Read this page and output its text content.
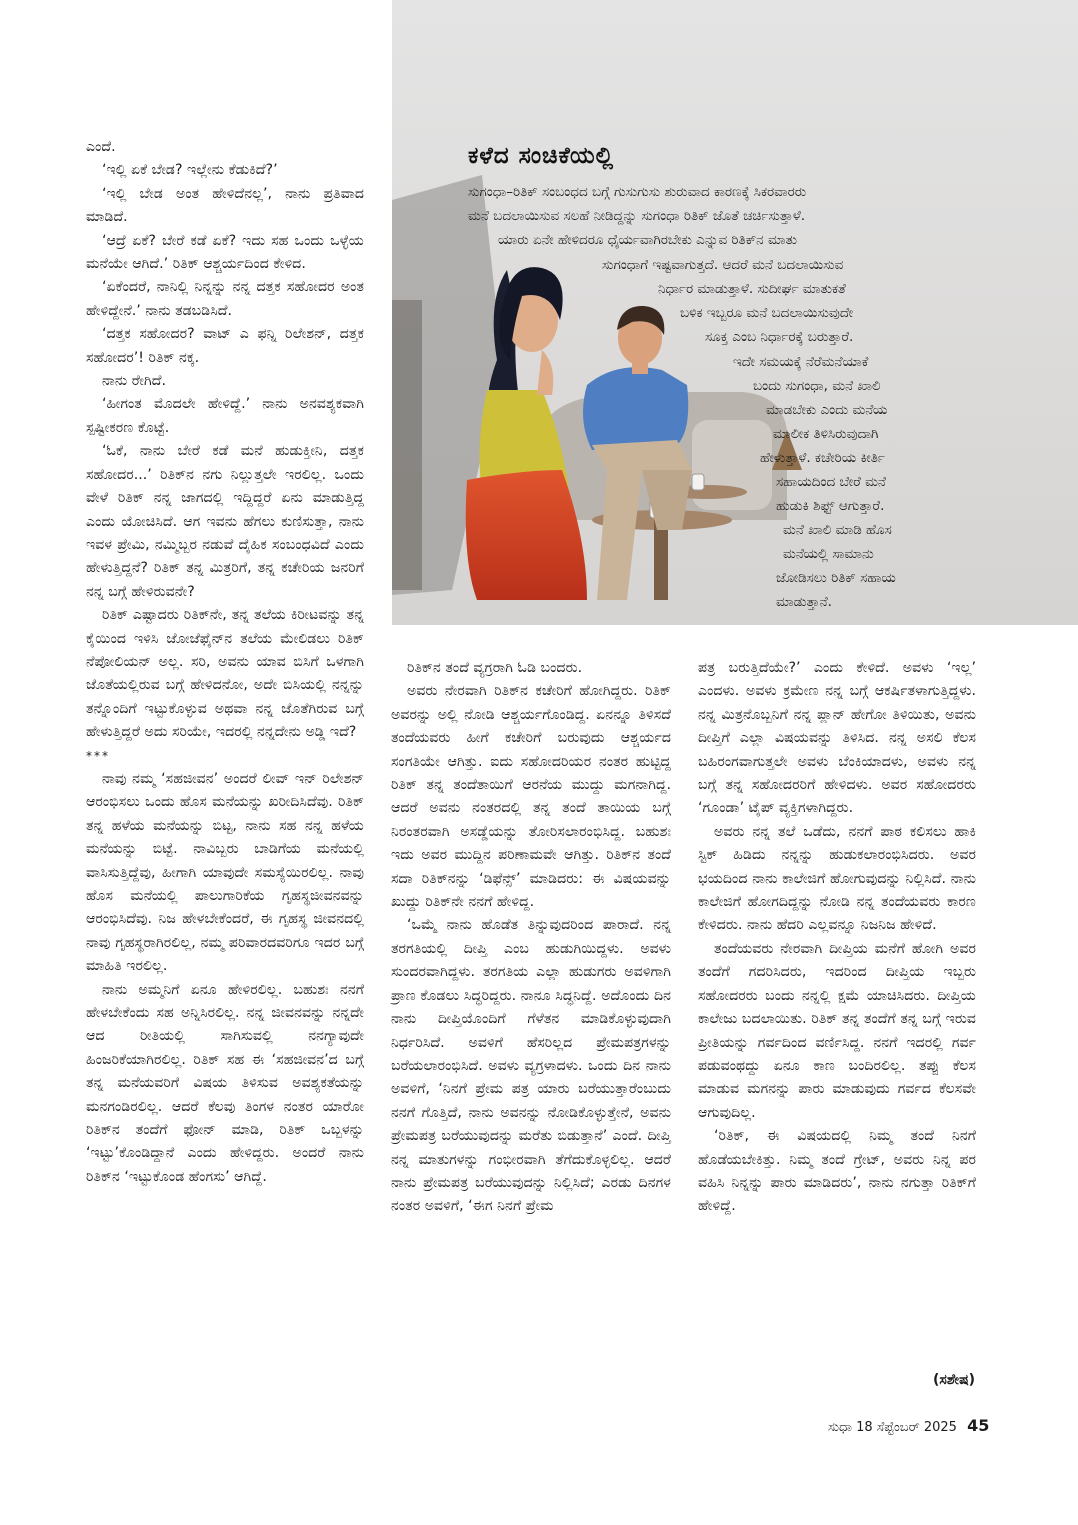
ಕಳೆದ ಸಂಚಿಕೆಯಲ್ಲಿ
ಸುಗಂಧಾ–ರಿತಿಕ್ ಸಂಬಂಧದ ಬಗ್ಗೆ ಗುಸುಗುಸು ಶುರುವಾದ ಕಾರಣಕ್ಕೆ ಸಿಕರವಾರರು
ಮನೆ ಬದಲಾಯಿಸುವ ಸಲಹೆ ನೀಡಿದ್ದನ್ನು ಸುಗಂಧಾ ರಿತಿಕ್ ಜೊತೆ ಚರ್ಚಿಸುತ್ತಾಳೆ.
ಯಾರು ಏನೇ ಹೇಳಿದರೂ ಧೈರ್ಯವಾಗಿರಬೇಕು ಎನ್ನುವ ರಿತಿಕ್‌ನ ಮಾತು
ಸುಗಂಧಾಗೆ ಇಷ್ಟವಾಗುತ್ತದೆ. ಆದರೆ ಮನೆ ಬದಲಾಯಿಸುವ
ನಿರ್ಧಾರ ಮಾಡುತ್ತಾಳೆ. ಸುದೀರ್ಘ ಮಾತುಕತೆ
ಬಳಿಕ ಇಬ್ಬರೂ ಮನೆ ಬದಲಾಯಿಸುವುದೇ
ಸೂಕ್ತ ಎಂಬ ನಿರ್ಧಾರಕ್ಕೆ ಬರುತ್ತಾರೆ.
ಇದೇ ಸಮಯಕ್ಕೆ ನೆರೆಮನೆಯಾಕೆ
ಬಂದು ಸುಗಂಧಾ, ಮನೆ ಖಾಲಿ
ಮಾಡಬೇಕು ಎಂದು ಮನೆಯ
ಮಾಲೀಕ ತಿಳಿಸಿರುವುದಾಗಿ
ಹೇಳುತ್ತಾಳೆ. ಕಚೇರಿಯ ಕೀರ್ತಿ
ಸಹಾಯದಿಂದ ಬೇರೆ ಮನೆ
ಹುಡುಕಿ ಶಿಫ್ಟ್ ಆಗುತ್ತಾರೆ.
ಮನೆ ಖಾಲಿ ಮಾಡಿ ಹೊಸ
ಮನೆಯಲ್ಲಿ ಸಾಮಾನು
ಜೋಡಿಸಲು ರಿತಿಕ್ ಸಹಾಯ
ಮಾಡುತ್ತಾನೆ.

ಎಂದೆ.

‘ಇಲ್ಲಿ ಏಕೆ ಬೇಡ? ಇಲ್ಲೇನು ಕೆಡುಕಿದೆ?’

‘ಇಲ್ಲಿ ಬೇಡ ಅಂತ ಹೇಳಿದೆನಲ್ಲ’, ನಾನು ಪ್ರತಿವಾದ ಮಾಡಿದೆ.

‘ಆದ್ರೆ ಏಕೆ? ಬೇರೆ ಕಡೆ ಏಕೆ? ಇದು ಸಹ ಒಂದು ಒಳ್ಳೆಯ ಮನೆಯೇ ಆಗಿದೆ.’ ರಿತಿಕ್ ಆಶ್ಚರ್ಯದಿಂದ ಕೇಳಿದ.

‘ಏಕೆಂದರೆ, ನಾನಿಲ್ಲಿ ನಿನ್ನನ್ನು ನನ್ನ ದತ್ತಕ ಸಹೋದರ ಅಂತ ಹೇಳಿದ್ದೇನೆ.’ ನಾನು ತಡಬಡಿಸಿದೆ.

‘ದತ್ತಕ ಸಹೋದರ? ವಾಟ್ ಎ ಫನ್ನಿ ರಿಲೇಶನ್, ದತ್ತಕ ಸಹೋದರ’! ರಿತಿಕ್ ನಕ್ಕ.

ನಾನು ರೇಗಿದೆ.

‘ಹೀಗಂತ ಮೊದಲೇ ಹೇಳಿದ್ದೆ.’ ನಾನು ಅನವಶ್ಯಕವಾಗಿ ಸ್ಪಷ್ಟೀಕರಣ ಕೊಟ್ಟೆ.

‘ಓಕೆ, ನಾನು ಬೇರೆ ಕಡೆ ಮನೆ ಹುಡುಕ್ತೀನಿ, ದತ್ತಕ ಸಹೋದರ...’ ರಿತಿಕ್‌ನ ನಗು ನಿಲ್ಲುತ್ತಲೇ ಇರಲಿಲ್ಲ. ಒಂದು ವೇಳೆ ರಿತಿಕ್ ನನ್ನ ಜಾಗದಲ್ಲಿ ಇದ್ದಿದ್ದರೆ ಏನು ಮಾಡುತ್ತಿದ್ದ ಎಂದು ಯೋಚಿಸಿದೆ. ಆಗ ಇವನು ಹೆಗಲು ಕುಣಿಸುತ್ತಾ, ನಾನು ಇವಳ ಪ್ರೇಮಿ, ನಮ್ಮಿಬ್ಬರ ನಡುವೆ ದೈಹಿಕ ಸಂಬಂಧವಿದೆ ಎಂದು ಹೇಳುತ್ತಿದ್ದನೆ? ರಿತಿಕ್ ತನ್ನ ಮಿತ್ರರಿಗೆ, ತನ್ನ ಕಚೇರಿಯ ಜನರಿಗೆ ನನ್ನ ಬಗ್ಗೆ ಹೇಳಿರುವನೇ?

ರಿತಿಕ್ ಎಷ್ಟಾದರು ರಿತಿಕ್‌ನೇ, ತನ್ನ ತಲೆಯ ಕಿರೀಟವನ್ನು ತನ್ನ ಕೈಯಿಂದ ಇಳಿಸಿ ಜೋಜೆಫೈನ್‌ನ ತಲೆಯ ಮೇಲಿಡಲು ರಿತಿಕ್ ನೆಪೋಲಿಯನ್ ಅಲ್ಲ. ಸರಿ, ಅವನು ಯಾವ ಬಿಸಿಗೆ ಒಳಗಾಗಿ ಜೊತೆಯಲ್ಲಿರುವ ಬಗ್ಗೆ ಹೇಳಿದನೋ, ಅದೇ ಬಿಸಿಯಲ್ಲಿ ನನ್ನನ್ನು ತನ್ನೊಂದಿಗೆ ಇಟ್ಟುಕೊಳ್ಳುವ ಅಥವಾ ನನ್ನ ಜೊತೆಗಿರುವ ಬಗ್ಗೆ ಹೇಳುತ್ತಿದ್ದರೆ ಅದು ಸರಿಯೇ, ಇದರಲ್ಲಿ ನನ್ನದೇನು ಅಡ್ಡಿ ಇದೆ?

***

ನಾವು ನಮ್ಮ ‘ಸಹಜೀವನ’ ಅಂದರೆ ಲೀವ್ ಇನ್ ರಿಲೇಶನ್ ಆರಂಭಿಸಲು ಒಂದು ಹೊಸ ಮನೆಯನ್ನು ಖರೀದಿಸಿದೆವು. ರಿತಿಕ್ ತನ್ನ ಹಳೆಯ ಮನೆಯನ್ನು ಬಿಟ್ಟ, ನಾನು ಸಹ ನನ್ನ ಹಳೆಯ ಮನೆಯನ್ನು ಬಿಟ್ಟೆ. ನಾವಿಬ್ಬರು ಬಾಡಿಗೆಯ ಮನೆಯಲ್ಲಿ ವಾಸಿಸುತ್ತಿದ್ದೆವು, ಹೀಗಾಗಿ ಯಾವುದೇ ಸಮಸ್ಯೆಯಿರಲಿಲ್ಲ. ನಾವು ಹೊಸ ಮನೆಯಲ್ಲಿ ಪಾಲುಗಾರಿಕೆಯ ಗೃಹಸ್ಥಜೀವನವನ್ನು ಆರಂಭಿಸಿದೆವು. ನಿಜ ಹೇಳಬೇಕೆಂದರೆ, ಈ ಗೃಹಸ್ಥ ಜೀವನದಲ್ಲಿ ನಾವು ಗೃಹಸ್ಥರಾಗಿರಲಿಲ್ಲ, ನಮ್ಮ ಪರಿವಾರದವರಿಗೂ ಇದರ ಬಗ್ಗೆ ಮಾಹಿತಿ ಇರಲಿಲ್ಲ.

ನಾನು ಅಮ್ಮನಿಗೆ ಏನೂ ಹೇಳಿರಲಿಲ್ಲ. ಬಹುಶಃ ನನಗೆ ಹೇಳಬೇಕೆಂದು ಸಹ ಅನ್ನಿಸಿರಲಿಲ್ಲ. ನನ್ನ ಜೀವನವನ್ನು ನನ್ನದೇ ಆದ ರೀತಿಯಲ್ಲಿ ಸಾಗಿಸುವಲ್ಲಿ ನನಗ್ಯಾವುದೇ ಹಿಂಜರಿಕೆಯಾಗಿರಲಿಲ್ಲ. ರಿತಿಕ್ ಸಹ ಈ ‘ಸಹಜೀವನ’ದ ಬಗ್ಗೆ ತನ್ನ ಮನೆಯವರಿಗೆ ವಿಷಯ ತಿಳಿಸುವ ಅವಶ್ಯಕತೆಯನ್ನು ಮನಗಂಡಿರಲಿಲ್ಲ. ಆದರೆ ಕೆಲವು ತಿಂಗಳ ನಂತರ ಯಾರೋ ರಿತಿಕ್‌ನ ತಂದೆಗೆ ಫೋನ್ ಮಾಡಿ, ರಿತಿಕ್ ಒಬ್ಬಳನ್ನು ‘ಇಟ್ಟು’ಕೊಂಡಿದ್ದಾನೆ ಎಂದು ಹೇಳಿದ್ದರು. ಅಂದರೆ ನಾನು ರಿತಿಕ್‌ನ ‘ಇಟ್ಟುಕೊಂಡ ಹೆಂಗಸು’ ಆಗಿದ್ದೆ.

ರಿತಿಕ್‌ನ ತಂದೆ ವ್ಯಗ್ರರಾಗಿ ಓಡಿ ಬಂದರು.

ಅವರು ನೇರವಾಗಿ ರಿತಿಕ್‌ನ ಕಚೇರಿಗೆ ಹೋಗಿದ್ದರು. ರಿತಿಕ್ ಅವರನ್ನು ಅಲ್ಲಿ ನೋಡಿ ಆಶ್ಚರ್ಯಗೊಂಡಿದ್ದ. ಏನನ್ನೂ ತಿಳಿಸದೆ ತಂದೆಯವರು ಹೀಗೆ ಕಚೇರಿಗೆ ಬರುವುದು ಆಶ್ಚರ್ಯದ ಸಂಗತಿಯೇ ಆಗಿತ್ತು. ಐದು ಸಹೋದರಿಯರ ನಂತರ ಹುಟ್ಟಿದ್ದ ರಿತಿಕ್ ತನ್ನ ತಂದೆತಾಯಿಗೆ ಆರನೆಯ ಮುದ್ದು ಮಗನಾಗಿದ್ದ. ಆದರೆ ಅವನು ನಂತರದಲ್ಲಿ ತನ್ನ ತಂದೆ ತಾಯಿಯ ಬಗ್ಗೆ ನಿರಂತರವಾಗಿ ಅಸಡ್ಡೆಯನ್ನು ತೋರಿಸಲಾರಂಭಿಸಿದ್ದ. ಬಹುಶಃ ಇದು ಅವರ ಮುದ್ದಿನ ಪರಿಣಾಮವೇ ಆಗಿತ್ತು. ರಿತಿಕ್‌ನ ತಂದೆ ಸದಾ ರಿತಿಕ್‌ನನ್ನು ‘ಡಿಫೆನ್ಸ್’ ಮಾಡಿದರು: ಈ ವಿಷಯವನ್ನು ಖುದ್ದು ರಿತಿಕ್‌ನೇ ನನಗೆ ಹೇಳಿದ್ದ.

‘ಒಮ್ಮೆ ನಾನು ಹೊಡೆತ ತಿನ್ನುವುದರಿಂದ ಪಾರಾದೆ. ನನ್ನ ತರಗತಿಯಲ್ಲಿ ದೀಪ್ತಿ ಎಂಬ ಹುಡುಗಿಯಿದ್ದಳು. ಅವಳು ಸುಂದರವಾಗಿದ್ದಳು. ತರಗತಿಯ ಎಲ್ಲಾ ಹುಡುಗರು ಅವಳಿಗಾಗಿ ಪ್ರಾಣ ಕೊಡಲು ಸಿದ್ಧರಿದ್ದರು. ನಾನೂ ಸಿದ್ಧನಿದ್ದೆ. ಅದೊಂದು ದಿನ ನಾನು ದೀಪ್ತಿಯೊಂದಿಗೆ ಗೆಳೆತನ ಮಾಡಿಕೊಳ್ಳುವುದಾಗಿ ನಿರ್ಧರಿಸಿದೆ. ಅವಳಿಗೆ ಹೆಸರಿಲ್ಲದ ಪ್ರೇಮಪತ್ರಗಳನ್ನು ಬರೆಯಲಾರಂಭಿಸಿದೆ. ಅವಳು ವ್ಯಗ್ರಳಾದಳು. ಒಂದು ದಿನ ನಾನು ಅವಳಿಗೆ, ‘ನಿನಗೆ ಪ್ರೇಮ ಪತ್ರ ಯಾರು ಬರೆಯುತ್ತಾರೆಂಬುದು ನನಗೆ ಗೊತ್ತಿದೆ, ನಾನು ಅವನನ್ನು ನೋಡಿಕೊಳ್ಳುತ್ತೇನೆ, ಅವನು ಪ್ರೇಮಪತ್ರ ಬರೆಯುವುದನ್ನು ಮರೆತು ಬಿಡುತ್ತಾನೆ’ ಎಂದೆ. ದೀಪ್ತಿ ನನ್ನ ಮಾತುಗಳನ್ನು ಗಂಭೀರವಾಗಿ ತೆಗೆದುಕೊಳ್ಳಲಿಲ್ಲ. ಆದರೆ ನಾನು ಪ್ರೇಮಪತ್ರ ಬರೆಯುವುದನ್ನು ನಿಲ್ಲಿಸಿದೆ; ಎರಡು ದಿನಗಳ ನಂತರ ಅವಳಿಗೆ, ‘ಈಗ ನಿನಗೆ ಪ್ರೇಮ

ಪತ್ರ ಬರುತ್ತಿದೆಯೇ?’ ಎಂದು ಕೇಳಿದೆ. ಅವಳು ‘ಇಲ್ಲ’ ಎಂದಳು. ಅವಳು ಕ್ರಮೇಣ ನನ್ನ ಬಗ್ಗೆ ಆಕರ್ಷಿತಳಾಗುತ್ತಿದ್ದಳು. ನನ್ನ ಮಿತ್ರನೊಬ್ಬನಿಗೆ ನನ್ನ ಪ್ಲಾನ್ ಹೇಗೋ ತಿಳಿಯಿತು, ಅವನು ದೀಪ್ತಿಗೆ ಎಲ್ಲಾ ವಿಷಯವನ್ನು ತಿಳಿಸಿದ. ನನ್ನ ಅಸಲಿ ಕೆಲಸ ಬಹಿರಂಗವಾಗುತ್ತಲೇ ಅವಳು ಬೆಂಕಿಯಾದಳು, ಅವಳು ನನ್ನ ಬಗ್ಗೆ ತನ್ನ ಸಹೋದರರಿಗೆ ಹೇಳಿದಳು. ಅವರ ಸಹೋದರರು ‘ಗೂಂಡಾ’ ಟೈಪ್ ವ್ಯಕ್ತಿಗಳಾಗಿದ್ದರು.

ಅವರು ನನ್ನ ತಲೆ ಒಡೆದು, ನನಗೆ ಪಾಠ ಕಲಿಸಲು ಹಾಕಿ ಸ್ಟಿಕ್ ಹಿಡಿದು ನನ್ನನ್ನು ಹುಡುಕಲಾರಂಭಿಸಿದರು. ಅವರ ಭಯದಿಂದ ನಾನು ಕಾಲೇಜಿಗೆ ಹೋಗುವುದನ್ನು ನಿಲ್ಲಿಸಿದೆ. ನಾನು ಕಾಲೇಜಿಗೆ ಹೋಗದಿದ್ದನ್ನು ನೋಡಿ ನನ್ನ ತಂದೆಯವರು ಕಾರಣ ಕೇಳಿದರು. ನಾನು ಹೆದರಿ ಎಲ್ಲವನ್ನೂ ನಿಜನಿಜ ಹೇಳಿದೆ.

ತಂದೆಯವರು ನೇರವಾಗಿ ದೀಪ್ತಿಯ ಮನೆಗೆ ಹೋಗಿ ಅವರ ತಂದೆಗೆ ಗದರಿಸಿದರು, ಇದರಿಂದ ದೀಪ್ತಿಯ ಇಬ್ಬರು ಸಹೋದರರು ಬಂದು ನನ್ನಲ್ಲಿ ಕ್ಷಮೆ ಯಾಚಿಸಿದರು. ದೀಪ್ತಿಯ ಕಾಲೇಜು ಬದಲಾಯಿತು. ರಿತಿಕ್ ತನ್ನ ತಂದೆಗೆ ತನ್ನ ಬಗ್ಗೆ ಇರುವ ಪ್ರೀತಿಯನ್ನು ಗರ್ವದಿಂದ ವರ್ಣಿಸಿದ್ದ. ನನಗೆ ಇದರಲ್ಲಿ ಗರ್ವ ಪಡುವಂಥದ್ದು ಏನೂ ಕಾಣ ಬಂದಿರಲಿಲ್ಲ. ತಪ್ಪು ಕೆಲಸ ಮಾಡುವ ಮಗನನ್ನು ಪಾರು ಮಾಡುವುದು ಗರ್ವದ ಕೆಲಸವೇ ಆಗುವುದಿಲ್ಲ.

‘ರಿತಿಕ್, ಈ ವಿಷಯದಲ್ಲಿ ನಿಮ್ಮ ತಂದೆ ನಿನಗೆ ಹೊಡೆಯಬೇಕಿತ್ತು. ನಿಮ್ಮ ತಂದೆ ಗ್ರೇಟ್, ಅವರು ನಿನ್ನ ಪರ ವಹಿಸಿ ನಿನ್ನನ್ನು ಪಾರು ಮಾಡಿದರು’, ನಾನು ನಗುತ್ತಾ ರಿತಿಕ್‌ಗೆ ಹೇಳಿದ್ದೆ.

(ಸಶೇಷ)
ಸುಧಾ 18 ಸೆಪ್ಟೆಂಬರ್ 2025 45
